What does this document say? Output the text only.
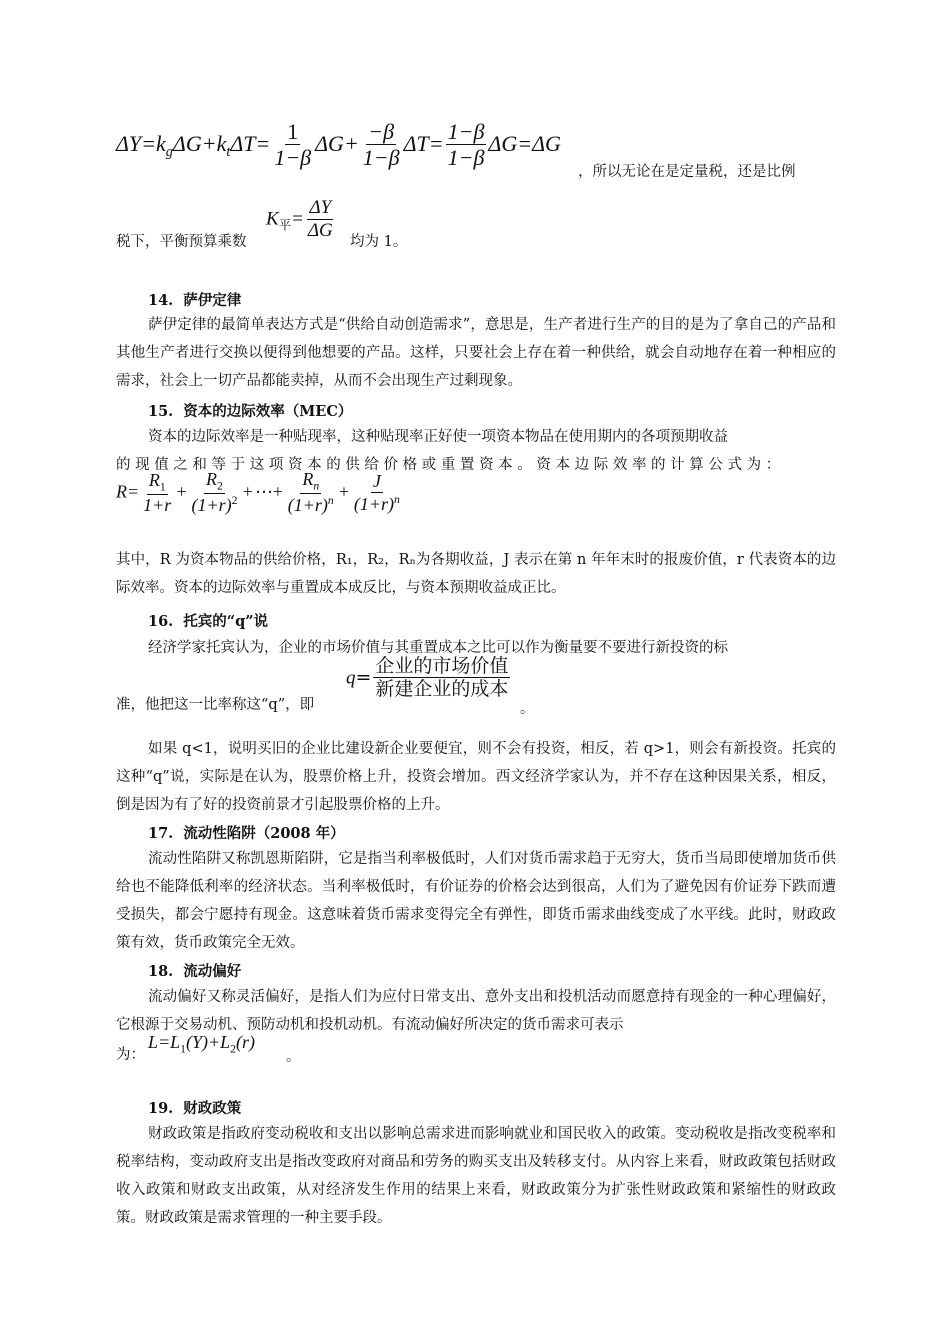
$\Delta Y=k_g\Delta G+k_t\Delta T= \frac{1}{1-\beta} \Delta G+ \frac{-\beta}{1-\beta} \Delta T= \frac{1-\beta}{1-\beta} \Delta G=\Delta G$
，所以无论在是定量税，还是比例
税下，平衡预算乘数
$K_平= \frac{\Delta Y}{\Delta G}$ 均为 1。
14. 萨伊定律

萨伊定律的最简单表达方式是“供给自动创造需求”，意思是，生产者进行生产的目的是为了拿自己的产品和其他生产者进行交换以便得到他想要的产品。这样，只要社会上存在着一种供给，就会自动地存在着一种相应的需求，社会上一切产品都能卖掉，从而不会出现生产过剩现象。

15. 资本的边际效率（MEC）

资本的边际效率是一种贴现率，这种贴现率正好使一项资本物品在使用期内的各项预期收益

的 现 值 之 和 等 于 这 项 资 本 的 供 给 价 格 或 重 置 资 本 。 资 本 边 际 效 率 的 计 算 公 式 为 ：

$R= \frac{R_1}{1+r} + \frac{R_2}{(1+r)^2}$ +⋯+ $\frac{R_n}{(1+r)^n} + \frac{J}{(1+r)^n}$

其中，R 为资本物品的供给价格，R₁，R₂，Rₙ为各期收益，J 表示在第 n 年年末时的报废价值，r 代表资本的边际效率。资本的边际效率与重置成本成反比，与资本预期收益成正比。

16. 托宾的“q”说

经济学家托宾认为，企业的市场价值与其重置成本之比可以作为衡量要不要进行新投资的标

准，他把这一比率称这“q”，即
q=
企业的市场价值
新建企业的成本
。

如果 q<1，说明买旧的企业比建设新企业要便宜，则不会有投资，相反，若 q>1，则会有新投资。托宾的这种“q”说，实际是在认为，股票价格上升，投资会增加。西文经济学家认为，并不存在这种因果关系，相反，倒是因为有了好的投资前景才引起股票价格的上升。

17. 流动性陷阱（2008 年）

流动性陷阱又称凯恩斯陷阱，它是指当利率极低时，人们对货币需求趋于无穷大，货币当局即使增加货币供给也不能降低利率的经济状态。当利率极低时，有价证券的价格会达到很高，人们为了避免因有价证券下跌而遭受损失，都会宁愿持有现金。这意味着货币需求变得完全有弹性，即货币需求曲线变成了水平线。此时，财政政策有效，货币政策完全无效。

18. 流动偏好

流动偏好又称灵活偏好，是指人们为应付日常支出、意外支出和投机活动而愿意持有现金的一种心理偏好，它根源于交易动机、预防动机和投机动机。有流动偏好所决定的货币需求可表示

为：
$L=L_1(Y)+L_2(r)$
。
19. 财政政策

财政政策是指政府变动税收和支出以影响总需求进而影响就业和国民收入的政策。变动税收是指改变税率和税率结构，变动政府支出是指改变政府对商品和劳务的购买支出及转移支付。从内容上来看，财政政策包括财政收入政策和财政支出政策，从对经济发生作用的结果上来看，财政政策分为扩张性财政政策和紧缩性的财政政策。财政政策是需求管理的一种主要手段。
